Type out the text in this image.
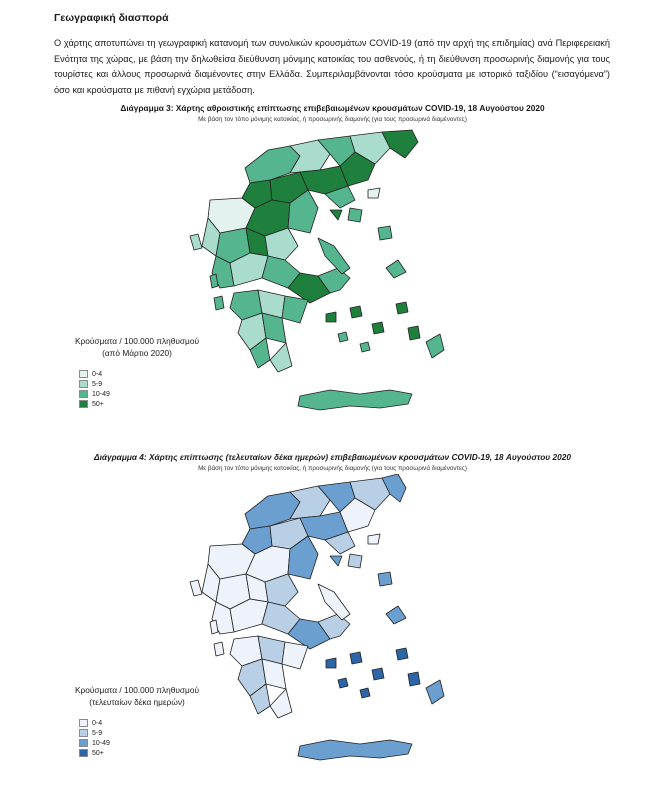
Γεωγραφική διασπορά

Ο χάρτης αποτυπώνει τη γεωγραφική κατανομή των συνολικών κρουσμάτων COVID-19 (από την αρχή της επιδημίας) ανά Περιφερειακή Ενότητα της χώρας, με βάση την δηλωθείσα διεύθυνση μόνιμης κατοικίας του ασθενούς, ή τη διεύθυνση προσωρινής διαμονής για τους τουρίστες και άλλους προσωρινά διαμένοντες στην Ελλάδα. Συμπεριλαμβάνονται τόσο κρούσματα με ιστορικό ταξιδίου (“εισαγόμενα”) όσο και κρούσματα με πιθανή εγχώρια μετάδοση.

Διάγραμμα 3: Χάρτης αθροιστικής επίπτωσης επιβεβαιωμένων κρουσμάτων COVID-19, 18 Αυγούστου 2020
Με βάση τον τόπο μόνιμης κατοικίας, ή προσωρινής διαμονής (για τους προσωρινά διαμένοντες)
Κρούσματα / 100.000 πληθυσμού
(από Μάρτιο 2020)
0-4
5-9
10-49
50+
Διάγραμμα 4: Χάρτης επίπτωσης (τελευταίων δέκα ημερών) επιβεβαιωμένων κρουσμάτων COVID-19, 18 Αυγούστου 2020
Με βάση τον τόπο μόνιμης κατοικίας, ή προσωρινής διαμονής (για τους προσωρινά διαμένοντες)
Κρούσματα / 100.000 πληθυσμού
(τελευταίων δέκα ημερών)
0-4
5-9
10-49
50+
